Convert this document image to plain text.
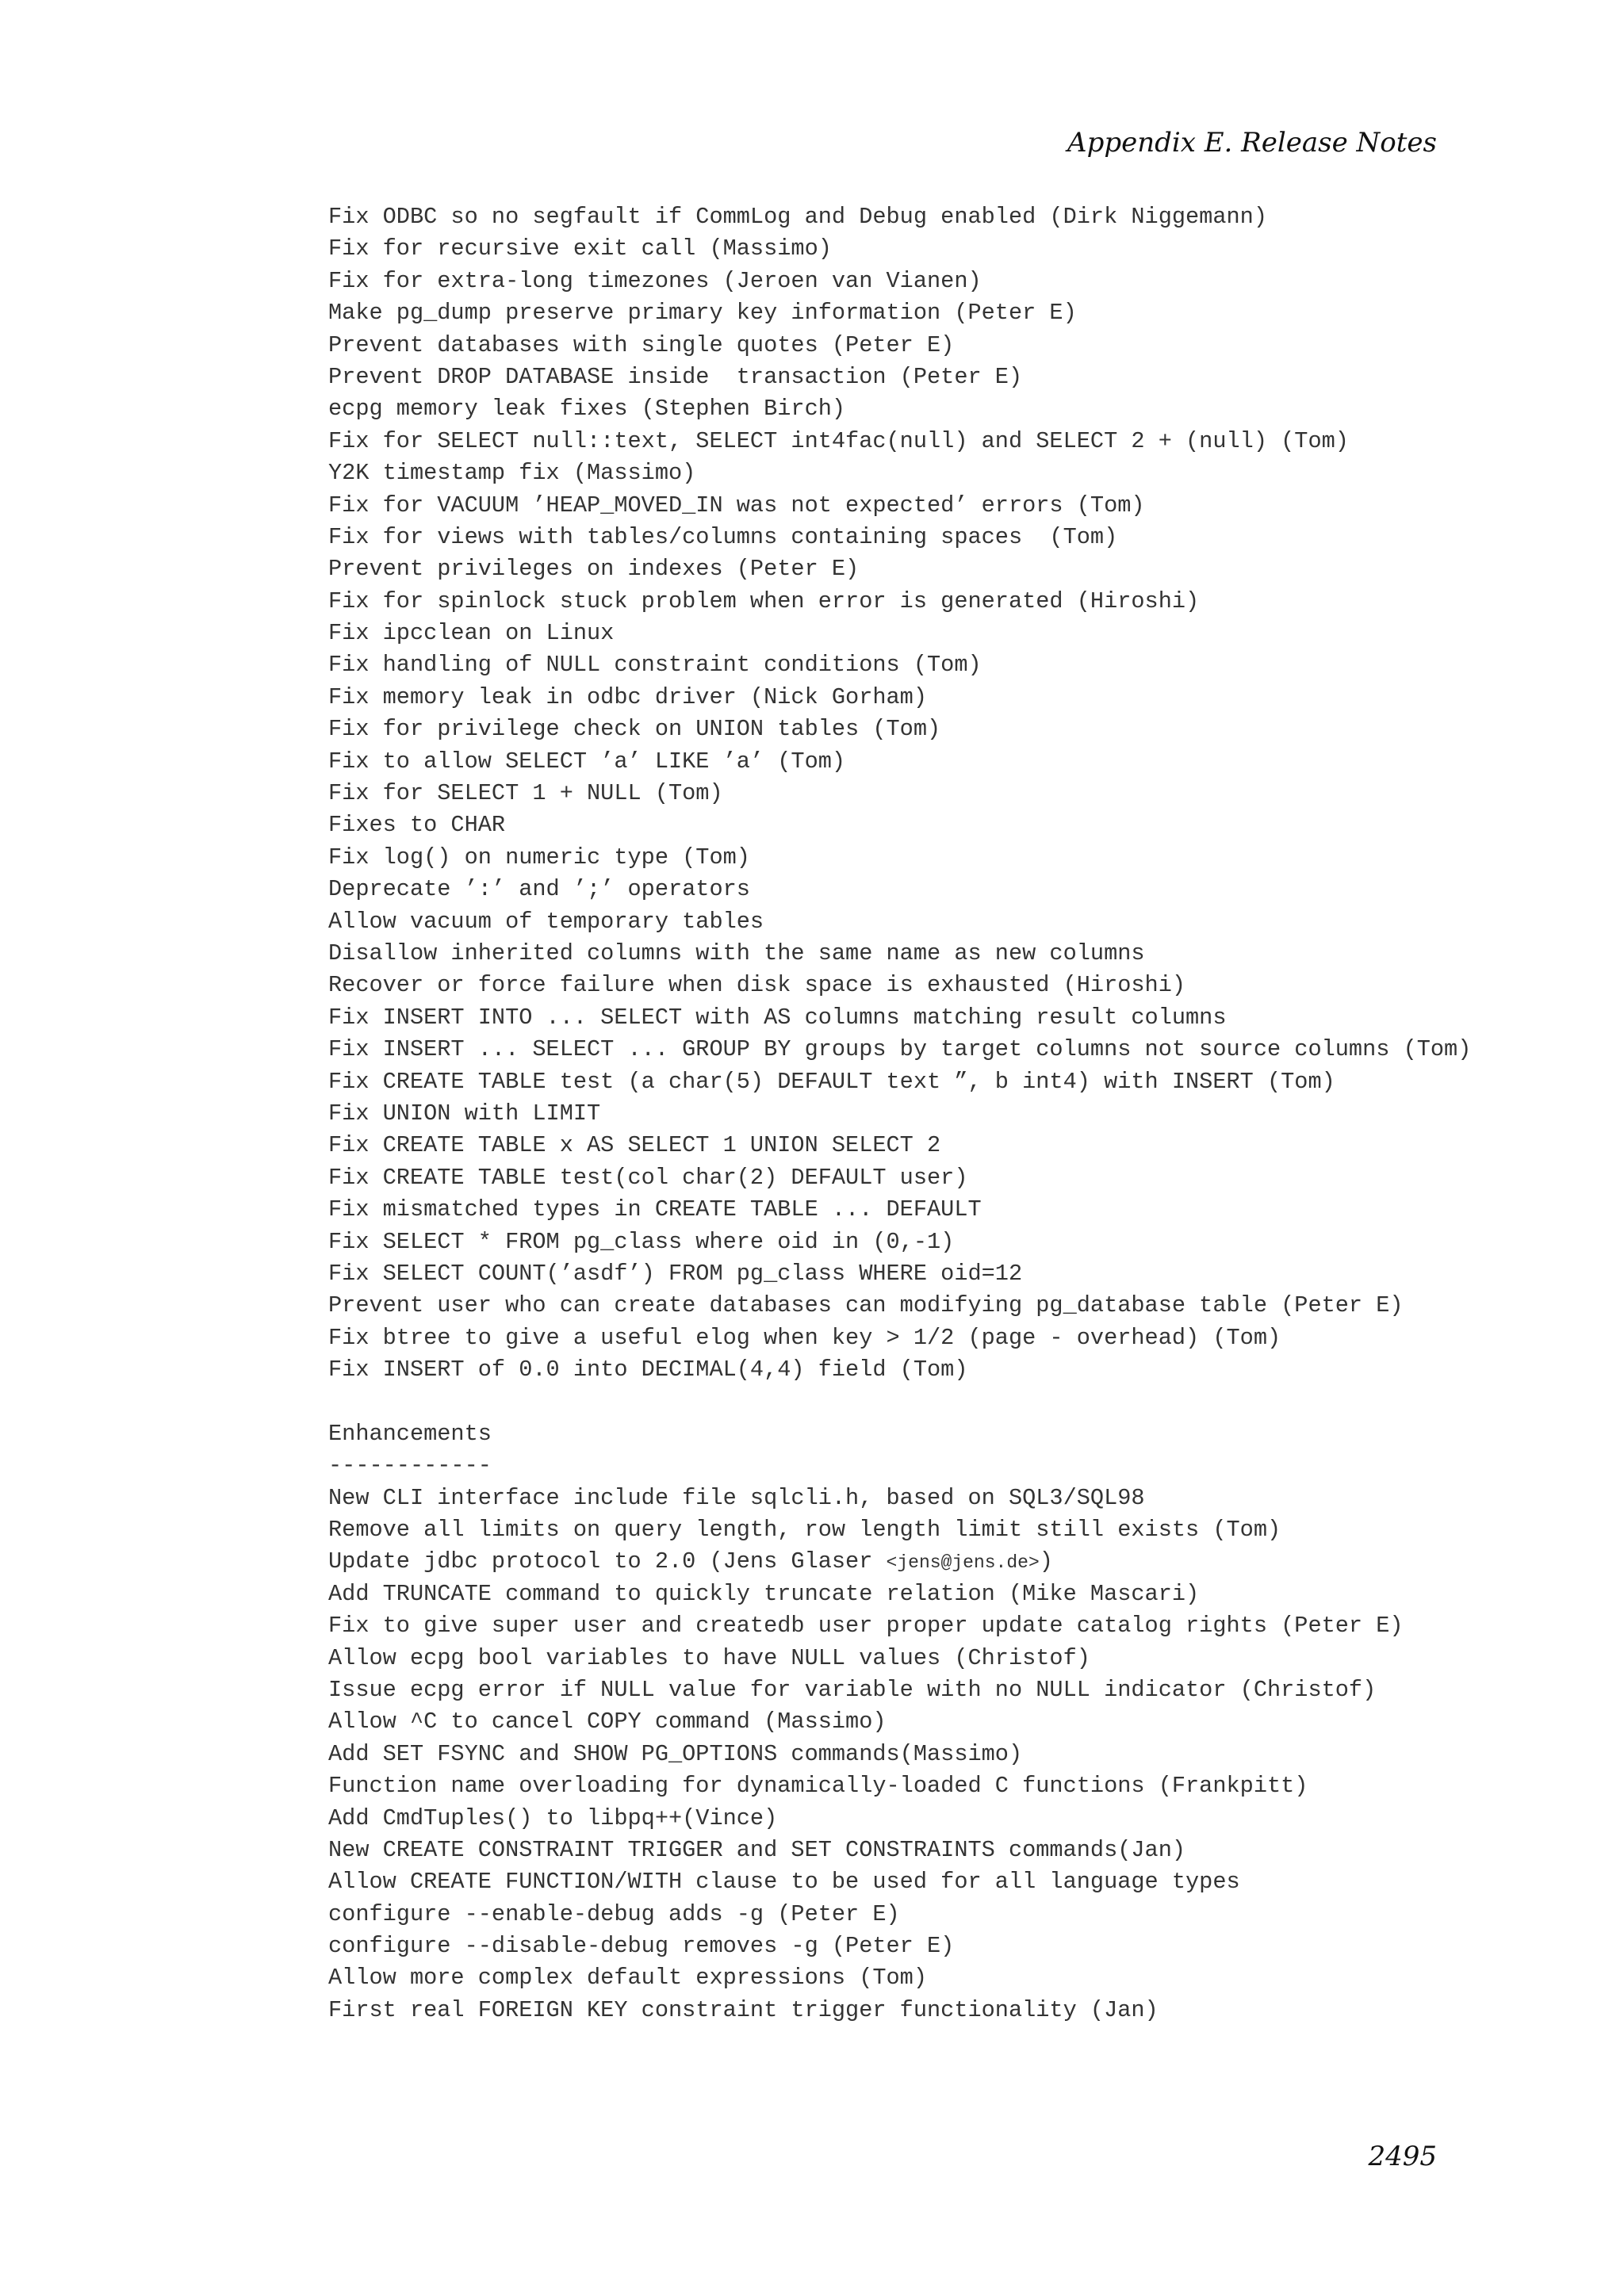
Appendix E. Release Notes
Fix ODBC so no segfault if CommLog and Debug enabled (Dirk Niggemann)
Fix for recursive exit call (Massimo)
Fix for extra-long timezones (Jeroen van Vianen)
Make pg_dump preserve primary key information (Peter E)
Prevent databases with single quotes (Peter E)
Prevent DROP DATABASE inside  transaction (Peter E)
ecpg memory leak fixes (Stephen Birch)
Fix for SELECT null::text, SELECT int4fac(null) and SELECT 2 + (null) (Tom)
Y2K timestamp fix (Massimo)
Fix for VACUUM ’HEAP_MOVED_IN was not expected’ errors (Tom)
Fix for views with tables/columns containing spaces  (Tom)
Prevent privileges on indexes (Peter E)
Fix for spinlock stuck problem when error is generated (Hiroshi)
Fix ipcclean on Linux
Fix handling of NULL constraint conditions (Tom)
Fix memory leak in odbc driver (Nick Gorham)
Fix for privilege check on UNION tables (Tom)
Fix to allow SELECT ’a’ LIKE ’a’ (Tom)
Fix for SELECT 1 + NULL (Tom)
Fixes to CHAR
Fix log() on numeric type (Tom)
Deprecate ’:’ and ’;’ operators
Allow vacuum of temporary tables
Disallow inherited columns with the same name as new columns
Recover or force failure when disk space is exhausted (Hiroshi)
Fix INSERT INTO ... SELECT with AS columns matching result columns
Fix INSERT ... SELECT ... GROUP BY groups by target columns not source columns (Tom)
Fix CREATE TABLE test (a char(5) DEFAULT text ”, b int4) with INSERT (Tom)
Fix UNION with LIMIT
Fix CREATE TABLE x AS SELECT 1 UNION SELECT 2
Fix CREATE TABLE test(col char(2) DEFAULT user)
Fix mismatched types in CREATE TABLE ... DEFAULT
Fix SELECT * FROM pg_class where oid in (0,-1)
Fix SELECT COUNT(’asdf’) FROM pg_class WHERE oid=12
Prevent user who can create databases can modifying pg_database table (Peter E)
Fix btree to give a useful elog when key > 1/2 (page - overhead) (Tom)
Fix INSERT of 0.0 into DECIMAL(4,4) field (Tom)
Enhancements
------------
New CLI interface include file sqlcli.h, based on SQL3/SQL98
Remove all limits on query length, row length limit still exists (Tom)
Update jdbc protocol to 2.0 (Jens Glaser <jens@jens.de>)
Add TRUNCATE command to quickly truncate relation (Mike Mascari)
Fix to give super user and createdb user proper update catalog rights (Peter E)
Allow ecpg bool variables to have NULL values (Christof)
Issue ecpg error if NULL value for variable with no NULL indicator (Christof)
Allow ^C to cancel COPY command (Massimo)
Add SET FSYNC and SHOW PG_OPTIONS commands(Massimo)
Function name overloading for dynamically-loaded C functions (Frankpitt)
Add CmdTuples() to libpq++(Vince)
New CREATE CONSTRAINT TRIGGER and SET CONSTRAINTS commands(Jan)
Allow CREATE FUNCTION/WITH clause to be used for all language types
configure --enable-debug adds -g (Peter E)
configure --disable-debug removes -g (Peter E)
Allow more complex default expressions (Tom)
First real FOREIGN KEY constraint trigger functionality (Jan)
2495
